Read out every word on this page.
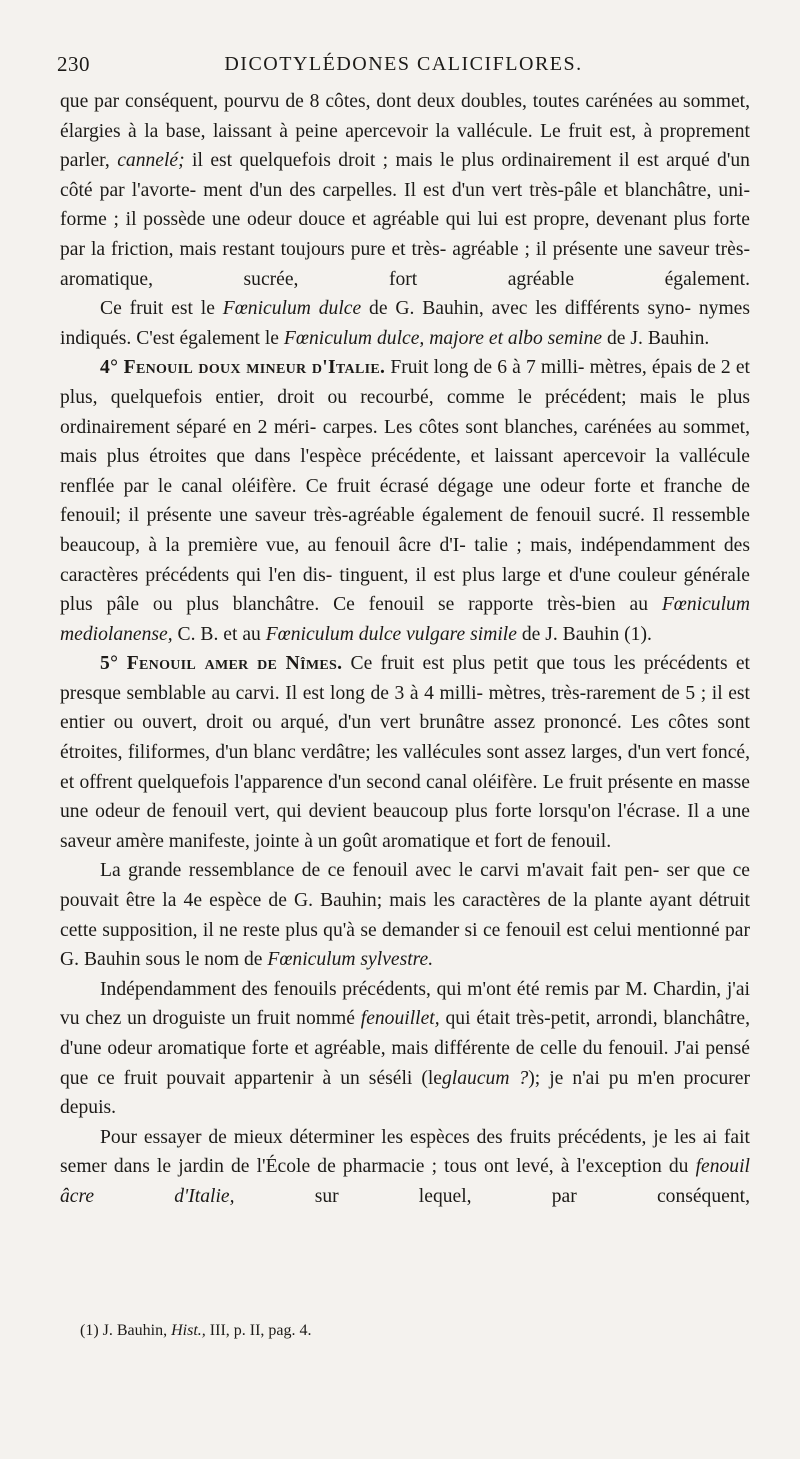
230	DICOTYLÉDONES CALICIFLORES.

que par conséquent, pourvu de 8 côtes, dont deux doubles, toutes carénées au sommet, élargies à la base, laissant à peine apercevoir la vallécule. Le fruit est, à proprement parler, cannelé; il est quelquefois droit ; mais le plus ordinairement il est arqué d'un côté par l'avorte- ment d'un des carpelles. Il est d'un vert très-pâle et blanchâtre, uni- forme ; il possède une odeur douce et agréable qui lui est propre, devenant plus forte par la friction, mais restant toujours pure et très- agréable ; il présente une saveur très-aromatique, sucrée, fort agréable	également.

Ce fruit est le Fœniculum dulce de G. Bauhin, avec les différents syno- nymes indiqués. C'est également le Fœniculum dulce, majore et albo semine de J. Bauhin.

4° Fenouil doux mineur d'Italie. Fruit long de 6 à 7 milli- mètres, épais de 2 et plus, quelquefois entier, droit ou recourbé, comme le précédent; mais le plus ordinairement séparé en 2 méri- carpes. Les côtes sont blanches, carénées au sommet, mais plus étroites que dans l'espèce précédente, et laissant apercevoir la vallécule renflée par le canal oléifère. Ce fruit écrasé dégage une odeur forte et franche de fenouil; il présente une saveur très-agréable également de fenouil sucré. Il ressemble beaucoup, à la première vue, au fenouil âcre d'I- talie ; mais, indépendamment des caractères précédents qui l'en dis- tinguent, il est plus large et d'une couleur générale plus pâle ou plus blanchâtre. Ce fenouil se rapporte très-bien au Fœniculum mediolanense, C. B. et au Fœniculum dulce vulgare simile de J. Bauhin (1).

5° Fenouil amer de Nîmes. Ce fruit est plus petit que tous les précédents et presque semblable au carvi. Il est long de 3 à 4 milli- mètres, très-rarement de 5 ; il est entier ou ouvert, droit ou arqué, d'un vert brunâtre assez prononcé. Les côtes sont étroites, filiformes, d'un blanc verdâtre; les vallécules sont assez larges, d'un vert foncé, et offrent quelquefois l'apparence d'un second canal oléifère. Le fruit présente en masse une odeur de fenouil vert, qui devient beaucoup plus forte lorsqu'on l'écrase. Il a une saveur amère manifeste, jointe à un goût aromatique et fort de fenouil.

La grande ressemblance de ce fenouil avec le carvi m'avait fait pen- ser que ce pouvait être la 4e espèce de G. Bauhin; mais les caractères de la plante ayant détruit cette supposition, il ne reste plus qu'à se demander si ce fenouil est celui mentionné par G. Bauhin sous le nom de Fœniculum sylvestre.

Indépendamment des fenouils précédents, qui m'ont été remis par M. Chardin, j'ai vu chez un droguiste un fruit nommé fenouillet, qui était très-petit, arrondi, blanchâtre, d'une odeur aromatique forte et agréable, mais différente de celle du fenouil. J'ai pensé que ce fruit pouvait appartenir à un séséli (leglaucum ?); je n'ai pu m'en procurer depuis.

Pour essayer de mieux déterminer les espèces des fruits précédents, je les ai fait semer dans le jardin de l'École de pharmacie ; tous ont levé, à l'exception du fenouil âcre d'Italie,	sur lequel, par conséquent,

(1) J. Bauhin, Hist., III, p. II, pag. 4.
